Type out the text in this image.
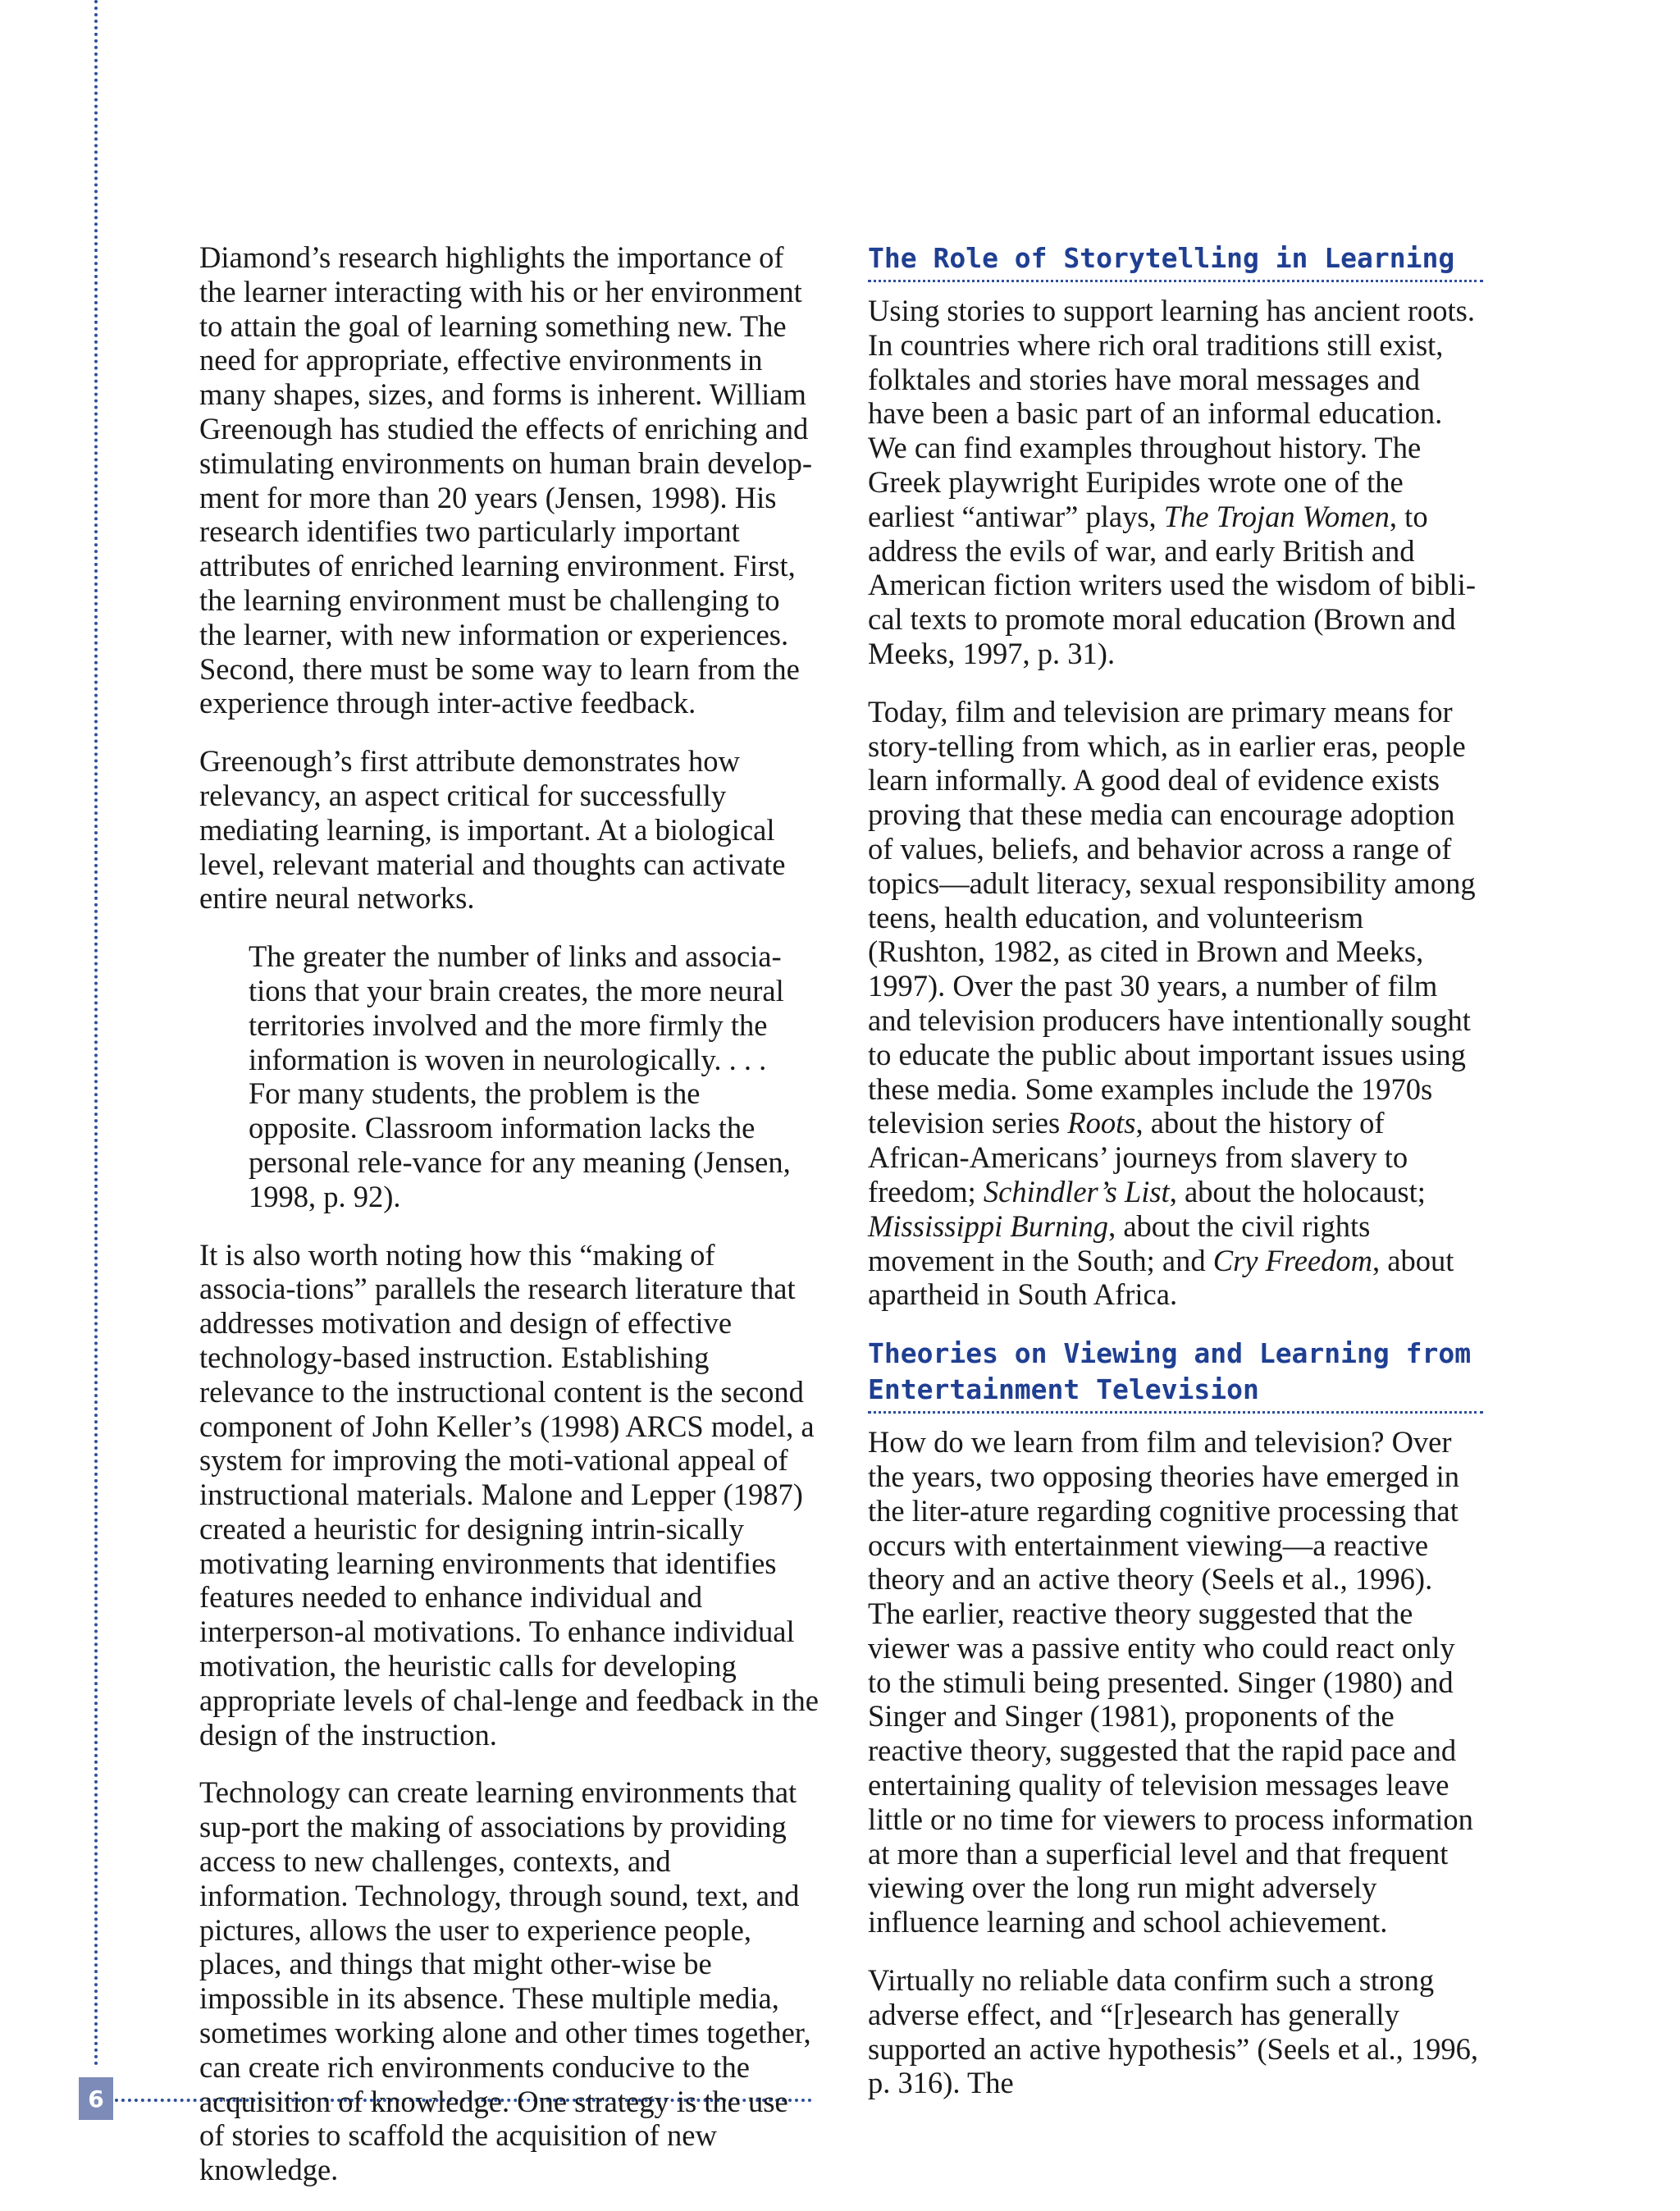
6

Diamond’s research highlights the importance of the learner interacting with his or her environment to attain the goal of learning something new. The need for appropriate, effective environments in many shapes, sizes, and forms is inherent. William Greenough has studied the effects of enriching and stimulating environments on human brain develop-ment for more than 20 years (Jensen, 1998). His research identifies two particularly important attributes of enriched learning environment. First, the learning environment must be challenging to the learner, with new information or experiences. Second, there must be some way to learn from the experience through inter-active feedback.

Greenough’s first attribute demonstrates how relevancy, an aspect critical for successfully mediating learning, is important. At a biological level, relevant material and thoughts can activate entire neural networks.

The greater the number of links and associa-tions that your brain creates, the more neural territories involved and the more firmly the information is woven in neurologically. . . . For many students, the problem is the opposite. Classroom information lacks the personal rele-vance for any meaning (Jensen, 1998, p. 92).

It is also worth noting how this “making of associa-tions” parallels the research literature that addresses motivation and design of effective technology-based instruction. Establishing relevance to the instructional content is the second component of John Keller’s (1998) ARCS model, a system for improving the moti-vational appeal of instructional materials. Malone and Lepper (1987) created a heuristic for designing intrin-sically motivating learning environments that identifies features needed to enhance individual and interperson-al motivations. To enhance individual motivation, the heuristic calls for developing appropriate levels of chal-lenge and feedback in the design of the instruction.

Technology can create learning environments that sup-port the making of associations by providing access to new challenges, contexts, and information. Technology, through sound, text, and pictures, allows the user to experience people, places, and things that might other-wise be impossible in its absence. These multiple media, sometimes working alone and other times together, can create rich environments conducive to the acquisition of knowledge. One strategy is the use of stories to scaffold the acquisition of new knowledge.

The Role of Storytelling in Learning

Using stories to support learning has ancient roots. In countries where rich oral traditions still exist, folktales and stories have moral messages and have been a basic part of an informal education. We can find examples throughout history. The Greek playwright Euripides wrote one of the earliest “antiwar” plays, The Trojan Women, to address the evils of war, and early British and American fiction writers used the wisdom of bibli-cal texts to promote moral education (Brown and Meeks, 1997, p. 31).

Today, film and television are primary means for story-telling from which, as in earlier eras, people learn informally. A good deal of evidence exists proving that these media can encourage adoption of values, beliefs, and behavior across a range of topics—adult literacy, sexual responsibility among teens, health education, and volunteerism (Rushton, 1982, as cited in Brown and Meeks, 1997). Over the past 30 years, a number of film and television producers have intentionally sought to educate the public about important issues using these media. Some examples include the 1970s television series Roots, about the history of African-Americans’ journeys from slavery to freedom; Schindler’s List, about the holocaust; Mississippi Burning, about the civil rights movement in the South; and Cry Freedom, about apartheid in South Africa.

Theories on Viewing and Learning from Entertainment Television

How do we learn from film and television? Over the years, two opposing theories have emerged in the liter-ature regarding cognitive processing that occurs with entertainment viewing—a reactive theory and an active theory (Seels et al., 1996). The earlier, reactive theory suggested that the viewer was a passive entity who could react only to the stimuli being presented. Singer (1980) and Singer and Singer (1981), proponents of the reactive theory, suggested that the rapid pace and entertaining quality of television messages leave little or no time for viewers to process information at more than a superficial level and that frequent viewing over the long run might adversely influence learning and school achievement.

Virtually no reliable data confirm such a strong adverse effect, and “[r]esearch has generally supported an active hypothesis” (Seels et al., 1996, p. 316). The
